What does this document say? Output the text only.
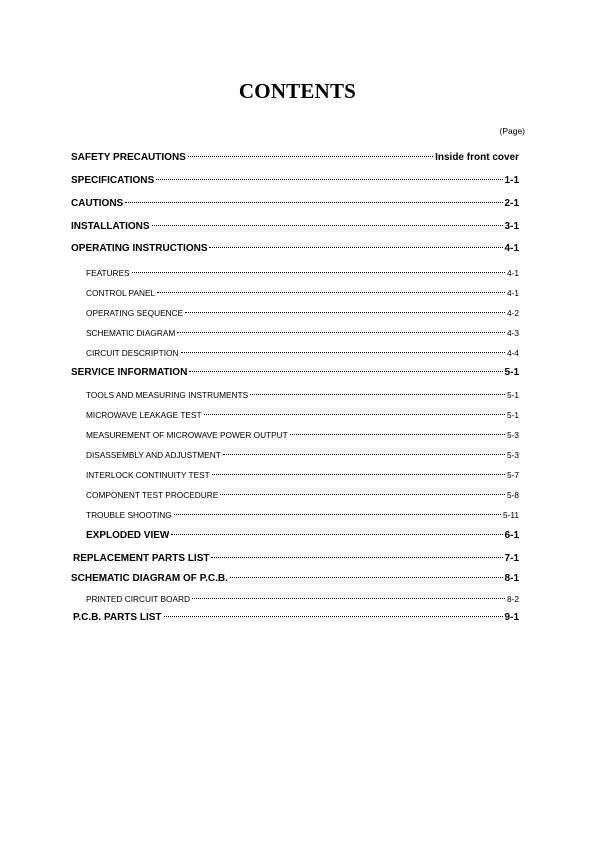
CONTENTS
(Page)
SAFETY PRECAUTIONS	Inside front cover
SPECIFICATIONS	1-1
CAUTIONS	2-1
INSTALLATIONS	3-1
OPERATING INSTRUCTIONS	4-1
FEATURES	4-1
CONTROL PANEL	4-1
OPERATING SEQUENCE	4-2
SCHEMATIC DIAGRAM	4-3
CIRCUIT DESCRIPTION	4-4
SERVICE INFORMATION	5-1
TOOLS AND MEASURING INSTRUMENTS	5-1
MICROWAVE LEAKAGE TEST	5-1
MEASUREMENT OF MICROWAVE POWER OUTPUT	5-3
DISASSEMBLY AND ADJUSTMENT	5-3
INTERLOCK CONTINUITY TEST	5-7
COMPONENT TEST PROCEDURE	5-8
TROUBLE SHOOTING	5-11
EXPLODED VIEW	6-1
REPLACEMENT PARTS LIST	7-1
SCHEMATIC DIAGRAM OF P.C.B.	8-1
PRINTED CIRCUIT BOARD	8-2
P.C.B. PARTS LIST	9-1
